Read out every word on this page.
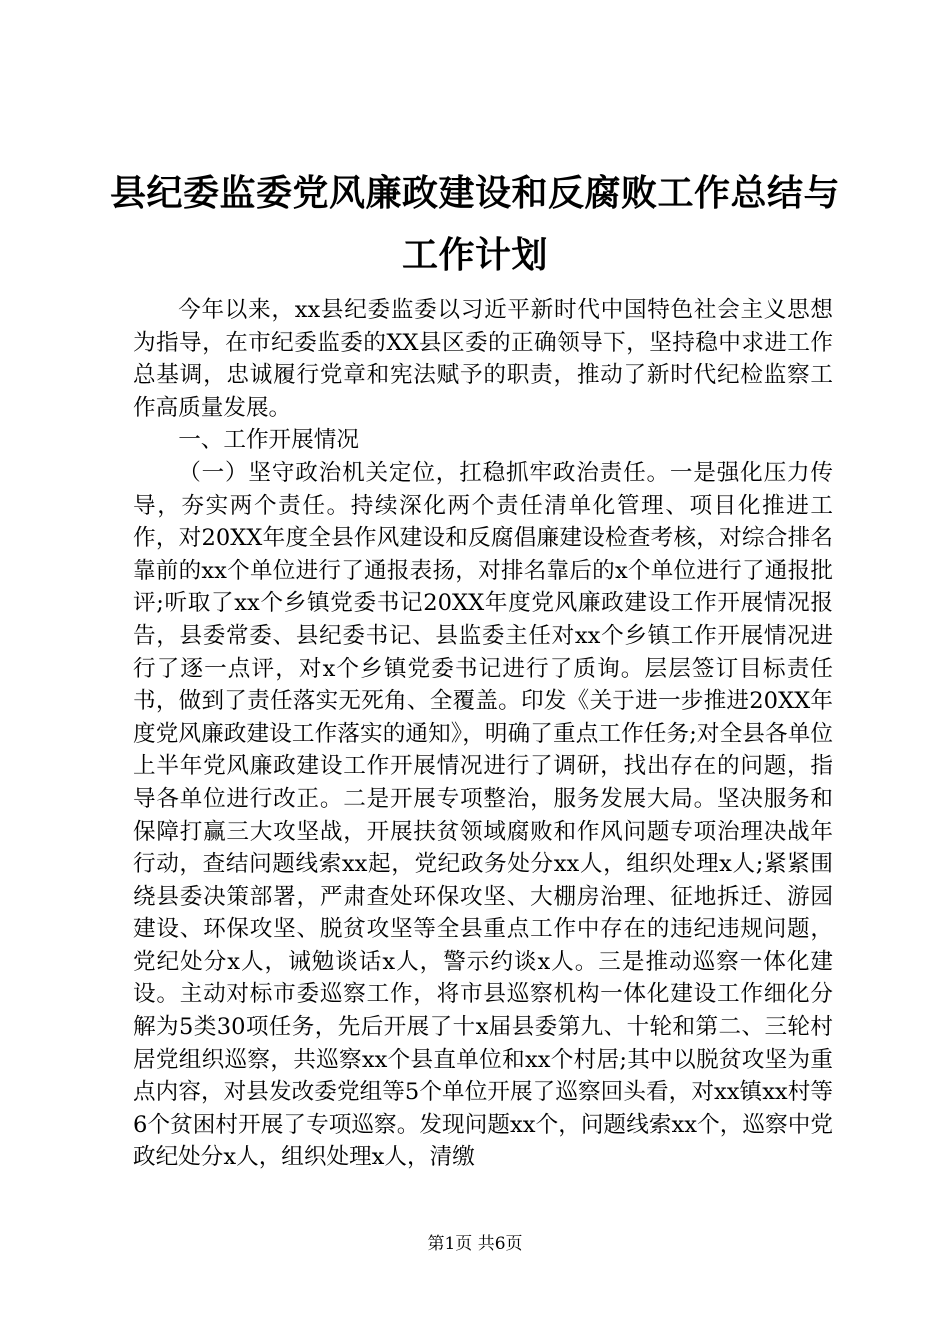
县纪委监委党风廉政建设和反腐败工作总结与工作计划

今年以来，xx县纪委监委以习近平新时代中国特色社会主义思想为指导，在市纪委监委的XX县区委的正确领导下，坚持稳中求进工作总基调，忠诚履行党章和宪法赋予的职责，推动了新时代纪检监察工作高质量发展。

一、工作开展情况

（一）坚守政治机关定位，扛稳抓牢政治责任。一是强化压力传导，夯实两个责任。持续深化两个责任清单化管理、项目化推进工作，对20XX年度全县作风建设和反腐倡廉建设检查考核，对综合排名靠前的xx个单位进行了通报表扬，对排名靠后的x个单位进行了通报批评;听取了xx个乡镇党委书记20XX年度党风廉政建设工作开展情况报告，县委常委、县纪委书记、县监委主任对xx个乡镇工作开展情况进行了逐一点评，对x个乡镇党委书记进行了质询。层层签订目标责任书，做到了责任落实无死角、全覆盖。印发《关于进一步推进20XX年度党风廉政建设工作落实的通知》，明确了重点工作任务;对全县各单位上半年党风廉政建设工作开展情况进行了调研，找出存在的问题，指导各单位进行改正。二是开展专项整治，服务发展大局。坚决服务和保障打赢三大攻坚战，开展扶贫领域腐败和作风问题专项治理决战年行动，查结问题线索xx起，党纪政务处分xx人，组织处理x人;紧紧围绕县委决策部署，严肃查处环保攻坚、大棚房治理、征地拆迁、游园建设、环保攻坚、脱贫攻坚等全县重点工作中存在的违纪违规问题，党纪处分x人，诫勉谈话x人，警示约谈x人。三是推动巡察一体化建设。主动对标市委巡察工作，将市县巡察机构一体化建设工作细化分解为5类30项任务，先后开展了十x届县委第九、十轮和第二、三轮村居党组织巡察，共巡察xx个县直单位和xx个村居;其中以脱贫攻坚为重点内容，对县发改委党组等5个单位开展了巡察回头看，对xx镇xx村等6个贫困村开展了专项巡察。发现问题xx个，问题线索xx个，巡察中党政纪处分x人，组织处理x人，清缴

第1页 共6页
